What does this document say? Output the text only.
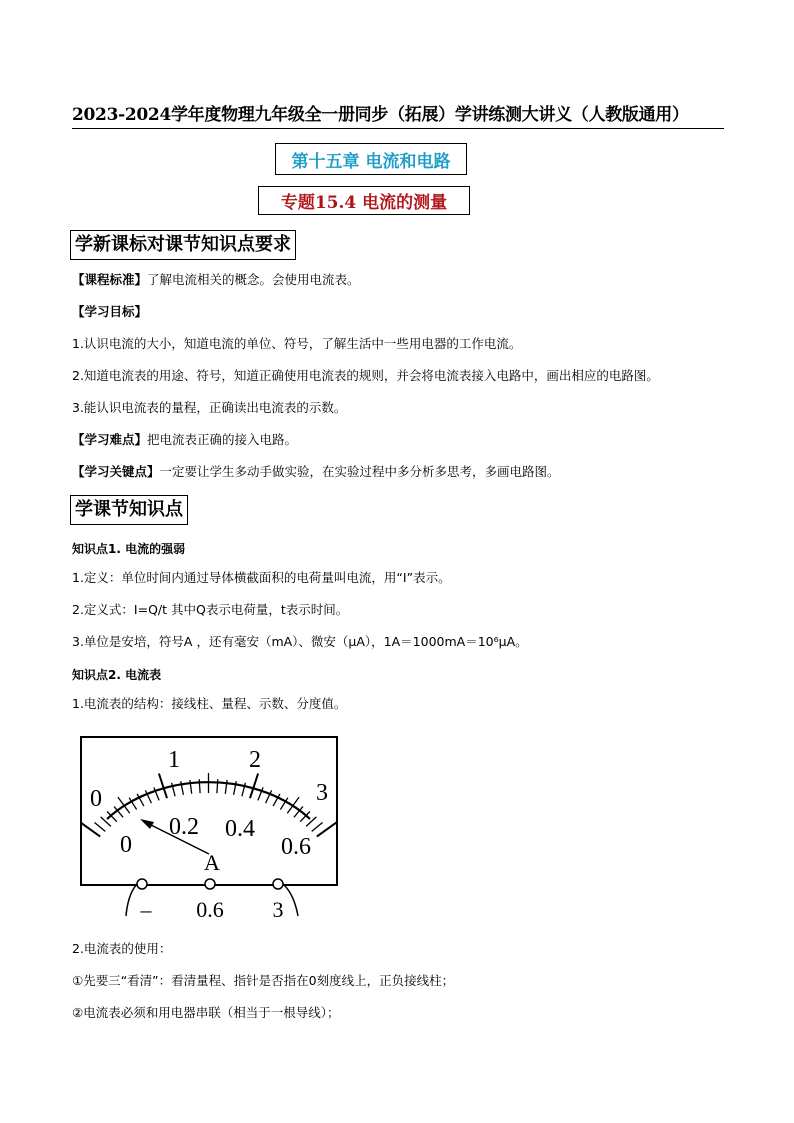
2023-2024学年度物理九年级全一册同步（拓展）学讲练测大讲义（人教版通用）
第十五章 电流和电路
专题15.4 电流的测量
学新课标对课节知识点要求
【课程标准】了解电流相关的概念。会使用电流表。
【学习目标】
1.认识电流的大小，知道电流的单位、符号，了解生活中一些用电器的工作电流。
2.知道电流表的用途、符号，知道正确使用电流表的规则，并会将电流表接入电路中，画出相应的电路图。
3.能认识电流表的量程，正确读出电流表的示数。
【学习难点】把电流表正确的接入电路。
【学习关键点】一定要让学生多动手做实验，在实验过程中多分析多思考，多画电路图。
学课节知识点
知识点1. 电流的强弱
1.定义：单位时间内通过导体横截面积的电荷量叫电流，用“I”表示。
2.定义式：I=Q/t 其中Q表示电荷量，t表示时间。
3.单位是安培，符号A ，还有毫安（mA）、微安（μA），1A＝1000mA＝10⁶μA。
知识点2. 电流表
1.电流表的结构：接线柱、量程、示数、分度值。
0
1	2
3
0
0.2 0.4
0.6
A
– 0.6 3
2.电流表的使用：
①先要三“看清”：看清量程、指针是否指在0刻度线上，正负接线柱；
②电流表必须和用电器串联（相当于一根导线）；
